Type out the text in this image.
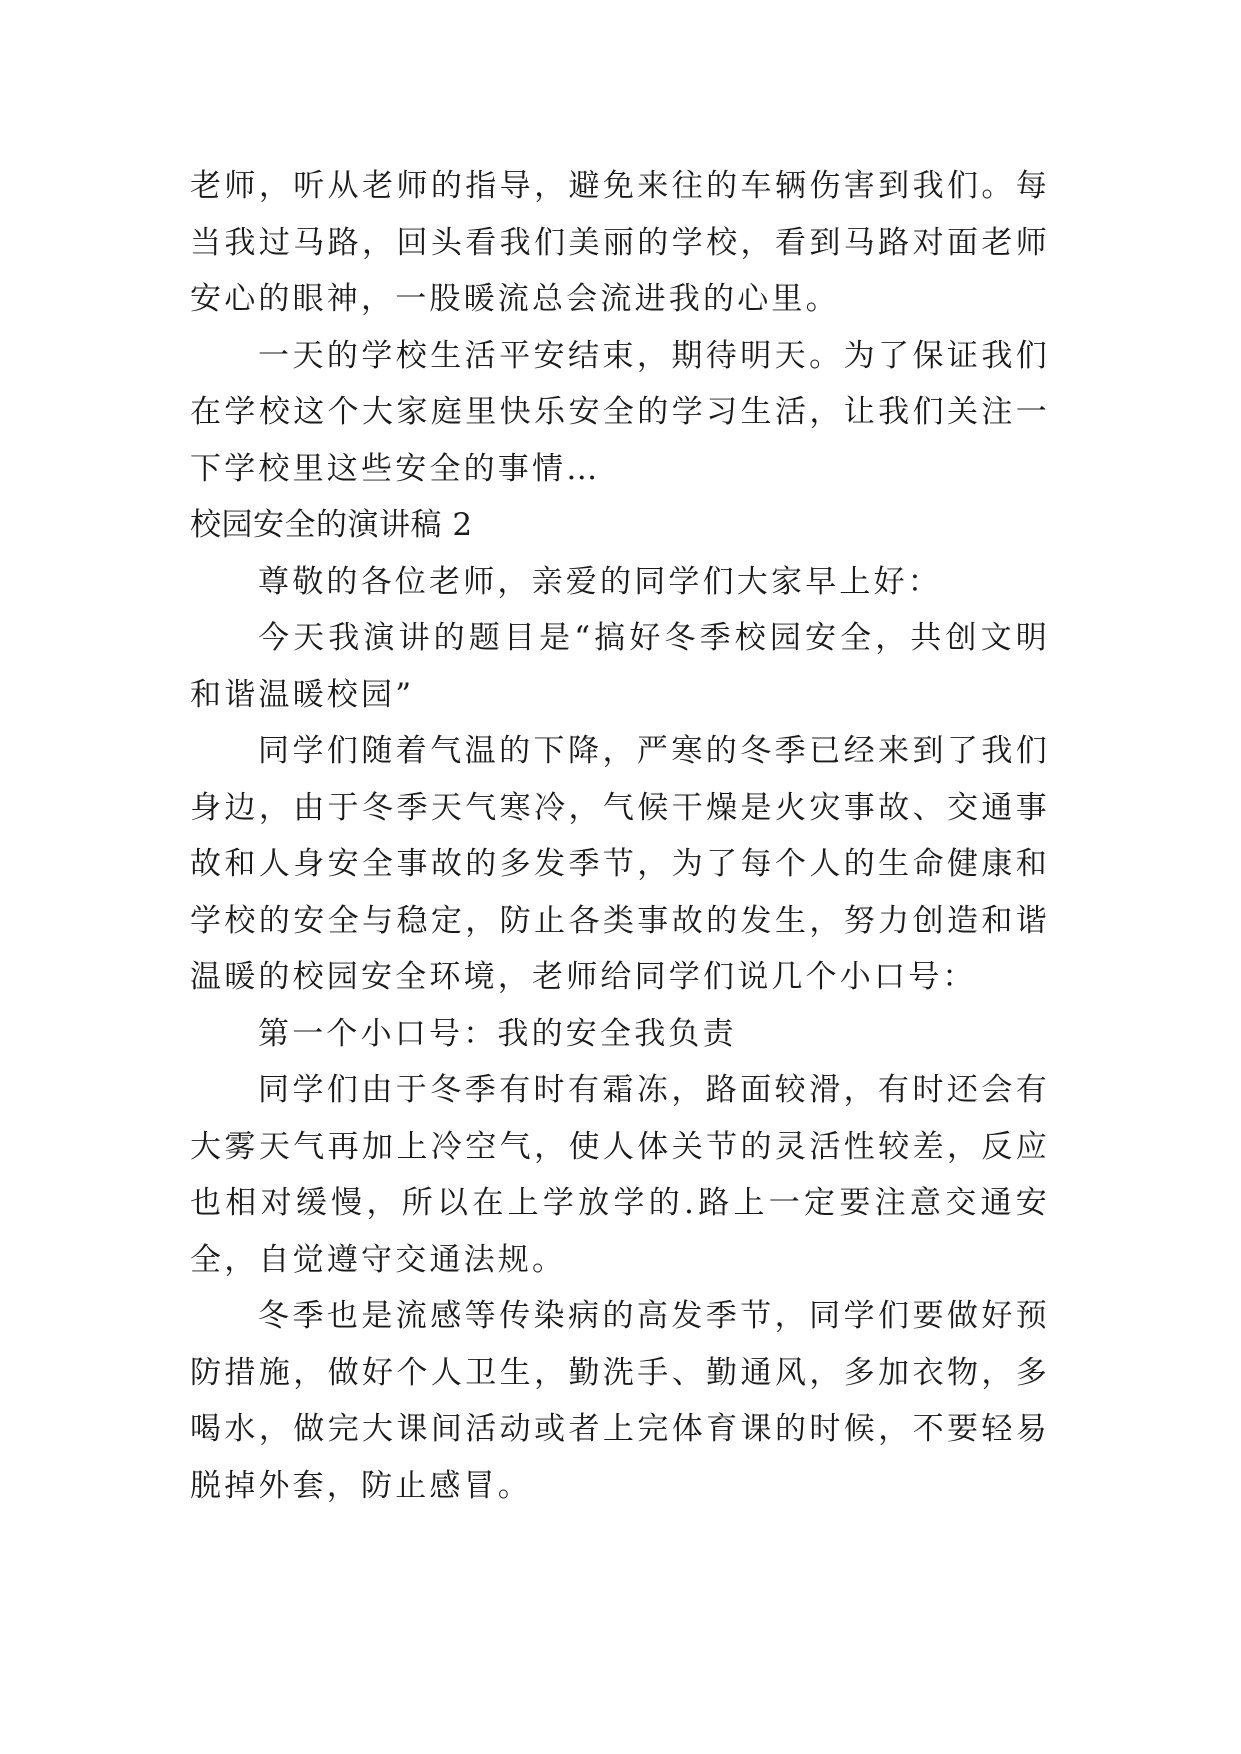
老师，听从老师的指导，避免来往的车辆伤害到我们。每当我过马路，回头看我们美丽的学校，看到马路对面老师安心的眼神，一股暖流总会流进我的心里。

一天的学校生活平安结束，期待明天。为了保证我们在学校这个大家庭里快乐安全的学习生活，让我们关注一下学校里这些安全的事情…

校园安全的演讲稿 2

尊敬的各位老师，亲爱的同学们大家早上好：

今天我演讲的题目是“搞好冬季校园安全，共创文明和谐温暖校园”

同学们随着气温的下降，严寒的冬季已经来到了我们身边，由于冬季天气寒冷，气候干燥是火灾事故、交通事故和人身安全事故的多发季节，为了每个人的生命健康和学校的安全与稳定，防止各类事故的发生，努力创造和谐温暖的校园安全环境，老师给同学们说几个小口号：

第一个小口号：我的安全我负责

同学们由于冬季有时有霜冻，路面较滑，有时还会有大雾天气再加上冷空气，使人体关节的灵活性较差，反应也相对缓慢，所以在上学放学的.路上一定要注意交通安全，自觉遵守交通法规。

冬季也是流感等传染病的高发季节，同学们要做好预防措施，做好个人卫生，勤洗手、勤通风，多加衣物，多喝水，做完大课间活动或者上完体育课的时候，不要轻易脱掉外套，防止感冒。
